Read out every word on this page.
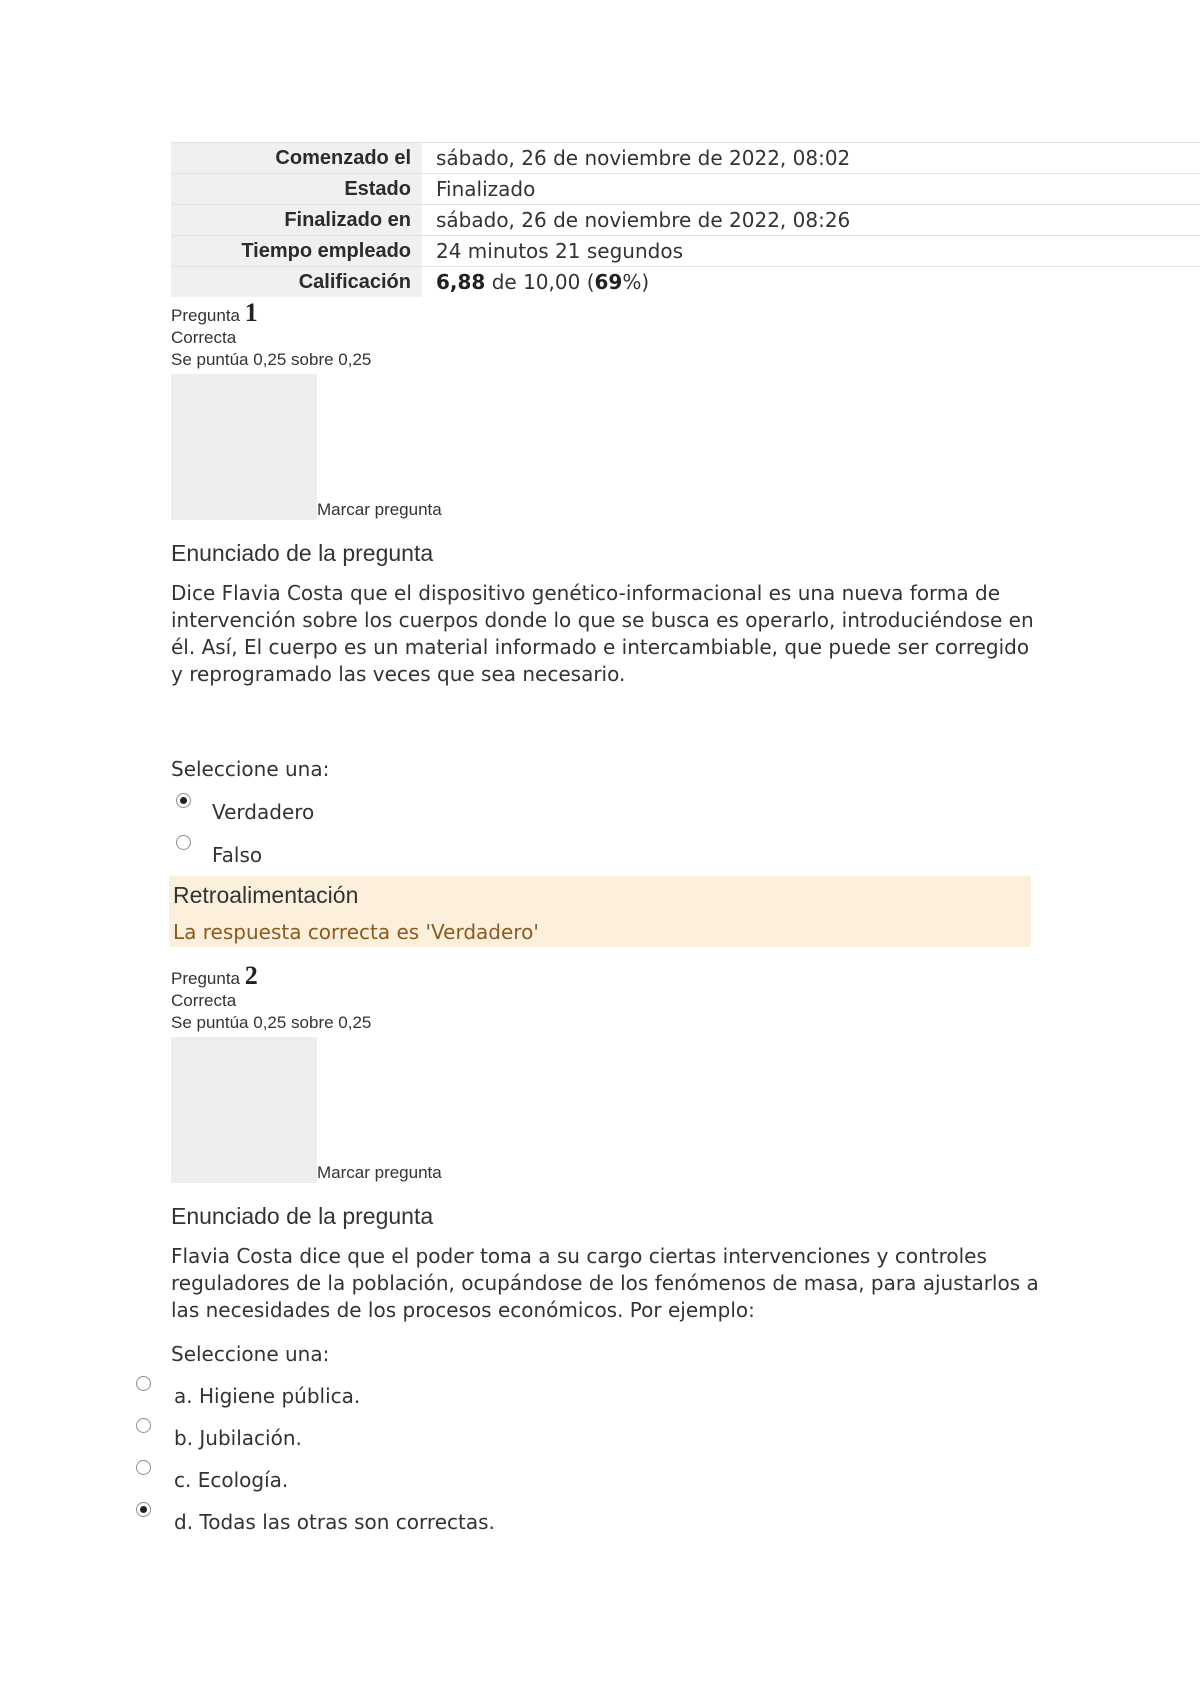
Comenzado el	sábado, 26 de noviembre de 2022, 08:02
Estado	Finalizado
Finalizado en	sábado, 26 de noviembre de 2022, 08:26
Tiempo empleado	24 minutos 21 segundos
Calificación	6,88 de 10,00 (69%)
Pregunta 1
Correcta
Se puntúa 0,25 sobre 0,25
Marcar pregunta
Enunciado de la pregunta
Dice Flavia Costa que el dispositivo genético-informacional es una nueva forma de intervención sobre los cuerpos donde lo que se busca es operarlo, introduciéndose en él. Así, El cuerpo es un material informado e intercambiable, que puede ser corregido y reprogramado las veces que sea necesario.
Seleccione una:
Verdadero
Falso
Retroalimentación
La respuesta correcta es 'Verdadero'
Pregunta 2
Correcta
Se puntúa 0,25 sobre 0,25
Marcar pregunta
Enunciado de la pregunta
Flavia Costa dice que el poder toma a su cargo ciertas intervenciones y controles reguladores de la población, ocupándose de los fenómenos de masa, para ajustarlos a las necesidades de los procesos económicos. Por ejemplo:
Seleccione una:
a. Higiene pública.
b. Jubilación.
c. Ecología.
d. Todas las otras son correctas.
